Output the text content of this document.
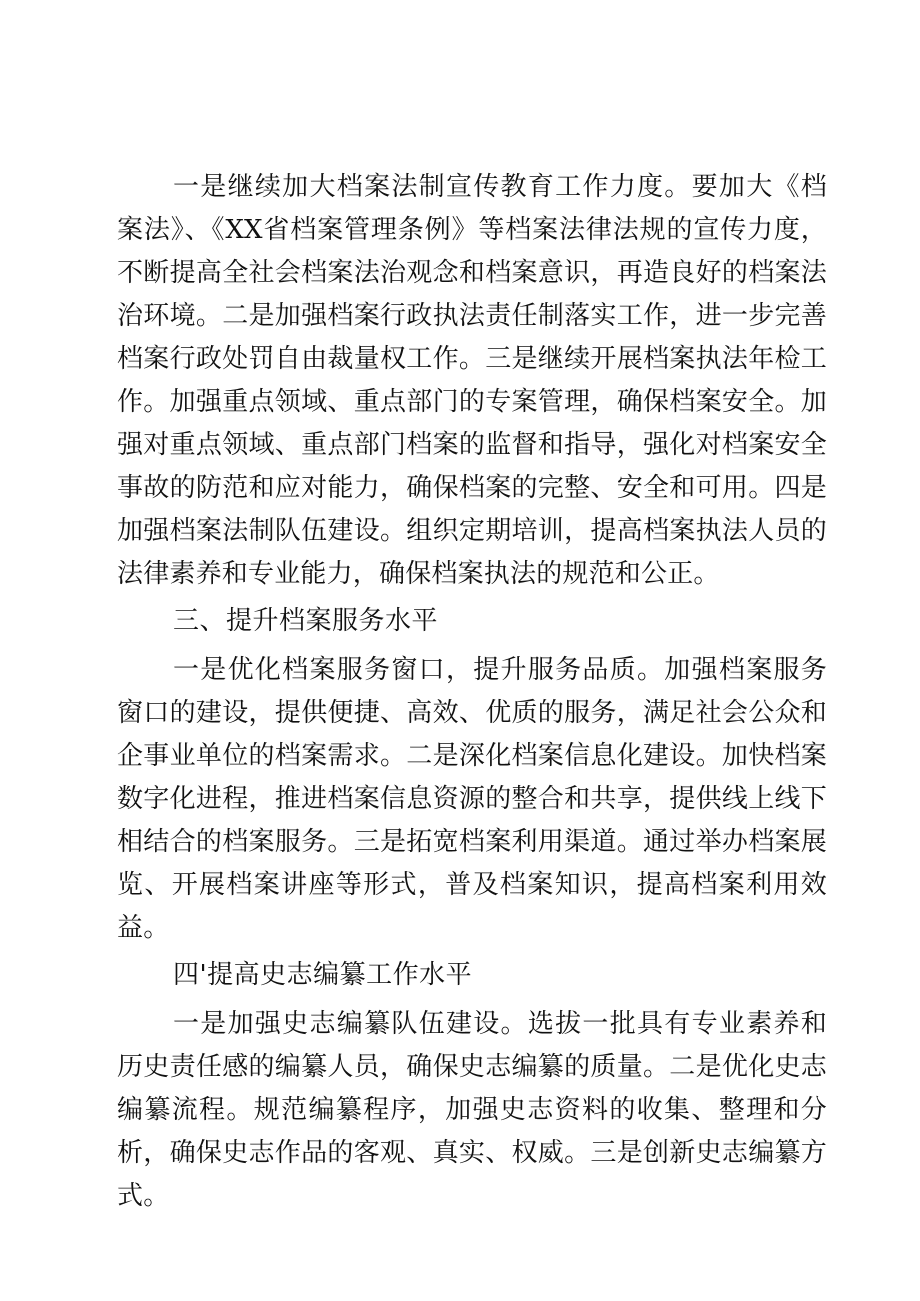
一是继续加大档案法制宣传教育工作力度。要加大《档案法》、《XX省档案管理条例》等档案法律法规的宣传力度，不断提高全社会档案法治观念和档案意识，再造良好的档案法治环境。二是加强档案行政执法责任制落实工作，进一步完善档案行政处罚自由裁量权工作。三是继续开展档案执法年检工作。加强重点领域、重点部门的专案管理，确保档案安全。加强对重点领域、重点部门档案的监督和指导，强化对档案安全事故的防范和应对能力，确保档案的完整、安全和可用。四是加强档案法制队伍建设。组织定期培训，提高档案执法人员的法律素养和专业能力，确保档案执法的规范和公正。

三、提升档案服务水平

一是优化档案服务窗口，提升服务品质。加强档案服务窗口的建设，提供便捷、高效、优质的服务，满足社会公众和企事业单位的档案需求。二是深化档案信息化建设。加快档案数字化进程，推进档案信息资源的整合和共享，提供线上线下相结合的档案服务。三是拓宽档案利用渠道。通过举办档案展览、开展档案讲座等形式，普及档案知识，提高档案利用效益。

四'提高史志编纂工作水平

一是加强史志编纂队伍建设。选拔一批具有专业素养和历史责任感的编纂人员，确保史志编纂的质量。二是优化史志编纂流程。规范编纂程序，加强史志资料的收集、整理和分析，确保史志作品的客观、真实、权威。三是创新史志编纂方式。
